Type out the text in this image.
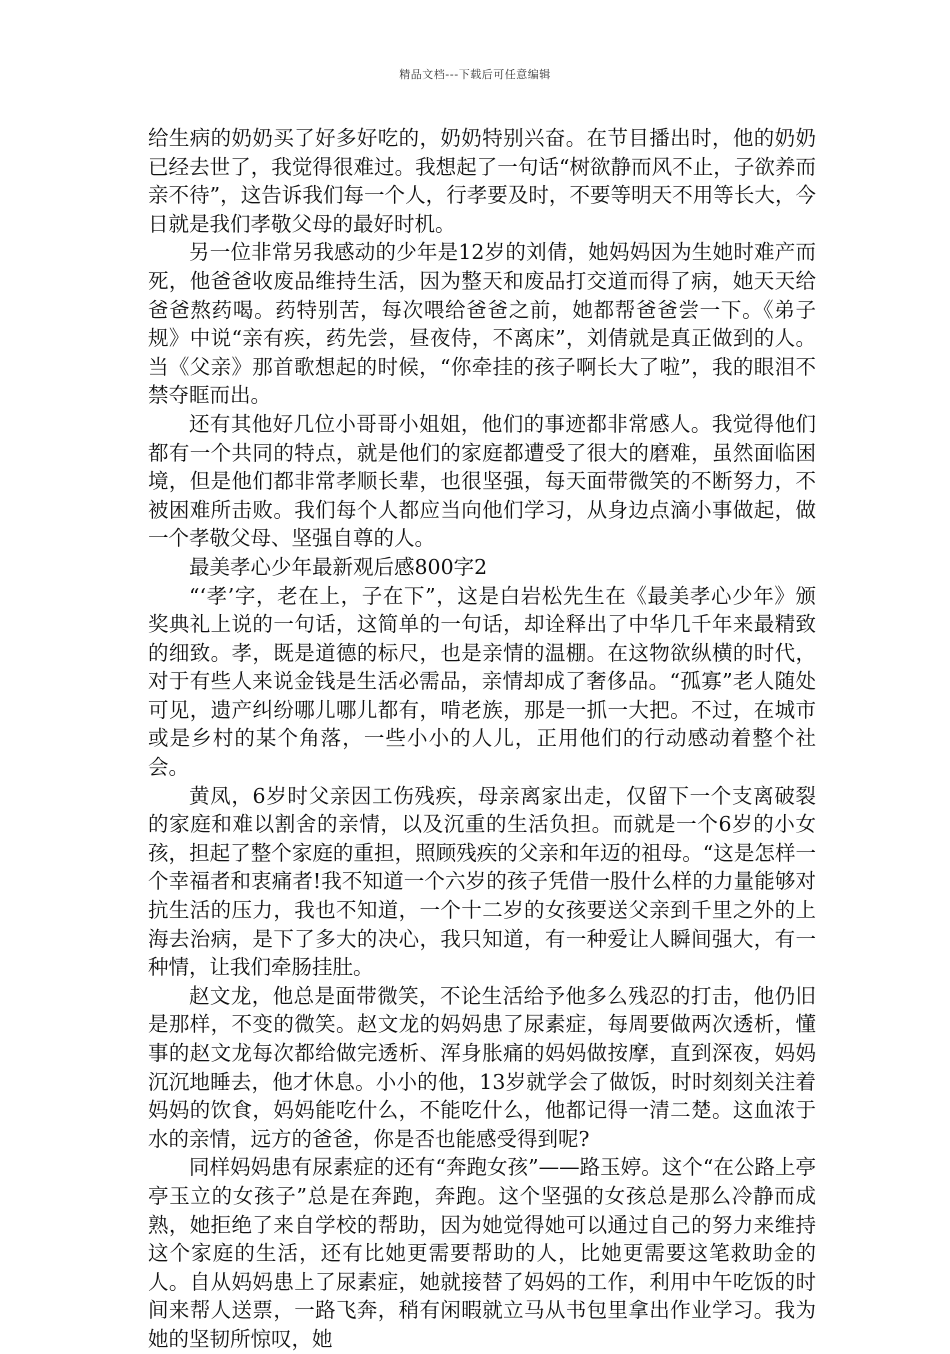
精品文档---下载后可任意编辑

给生病的奶奶买了好多好吃的，奶奶特别兴奋。在节目播出时，他的奶奶已经去世了，我觉得很难过。我想起了一句话“树欲静而风不止，子欲养而亲不待”，这告诉我们每一个人，行孝要及时，不要等明天不用等长大，今日就是我们孝敬父母的最好时机。

另一位非常另我感动的少年是12岁的刘倩，她妈妈因为生她时难产而死，他爸爸收废品维持生活，因为整天和废品打交道而得了病，她天天给爸爸熬药喝。药特别苦，每次喂给爸爸之前，她都帮爸爸尝一下。《弟子规》中说“亲有疾，药先尝，昼夜侍，不离床”，刘倩就是真正做到的人。当《父亲》那首歌想起的时候，“你牵挂的孩子啊长大了啦”，我的眼泪不禁夺眶而出。

还有其他好几位小哥哥小姐姐，他们的事迹都非常感人。我觉得他们都有一个共同的特点，就是他们的家庭都遭受了很大的磨难，虽然面临困境，但是他们都非常孝顺长辈，也很坚强，每天面带微笑的不断努力，不被困难所击败。我们每个人都应当向他们学习，从身边点滴小事做起，做一个孝敬父母、坚强自尊的人。

最美孝心少年最新观后感800字2

“‘孝’字，老在上，子在下”，这是白岩松先生在《最美孝心少年》颁奖典礼上说的一句话，这简单的一句话，却诠释出了中华几千年来最精致的细致。孝，既是道德的标尺，也是亲情的温棚。在这物欲纵横的时代，对于有些人来说金钱是生活必需品，亲情却成了奢侈品。“孤寡”老人随处可见，遗产纠纷哪儿哪儿都有，啃老族，那是一抓一大把。不过，在城市或是乡村的某个角落，一些小小的人儿，正用他们的行动感动着整个社会。

黄凤，6岁时父亲因工伤残疾，母亲离家出走，仅留下一个支离破裂的家庭和难以割舍的亲情，以及沉重的生活负担。而就是一个6岁的小女孩，担起了整个家庭的重担，照顾残疾的父亲和年迈的祖母。“这是怎样一个幸福者和衷痛者!我不知道一个六岁的孩子凭借一股什么样的力量能够对抗生活的压力，我也不知道，一个十二岁的女孩要送父亲到千里之外的上海去治病，是下了多大的决心，我只知道，有一种爱让人瞬间强大，有一种情，让我们牵肠挂肚。

赵文龙，他总是面带微笑，不论生活给予他多么残忍的打击，他仍旧是那样，不变的微笑。赵文龙的妈妈患了尿素症，每周要做两次透析，懂事的赵文龙每次都给做完透析、浑身胀痛的妈妈做按摩，直到深夜，妈妈沉沉地睡去，他才休息。小小的他，13岁就学会了做饭，时时刻刻关注着妈妈的饮食，妈妈能吃什么，不能吃什么，他都记得一清二楚。这血浓于水的亲情，远方的爸爸，你是否也能感受得到呢?

同样妈妈患有尿素症的还有“奔跑女孩”——路玉婷。这个“在公路上亭亭玉立的女孩子”总是在奔跑，奔跑。这个坚强的女孩总是那么冷静而成熟，她拒绝了来自学校的帮助，因为她觉得她可以通过自己的努力来维持这个家庭的生活，还有比她更需要帮助的人，比她更需要这笔救助金的人。自从妈妈患上了尿素症，她就接替了妈妈的工作，利用中午吃饭的时间来帮人送票，一路飞奔，稍有闲暇就立马从书包里拿出作业学习。我为她的坚韧所惊叹，她
